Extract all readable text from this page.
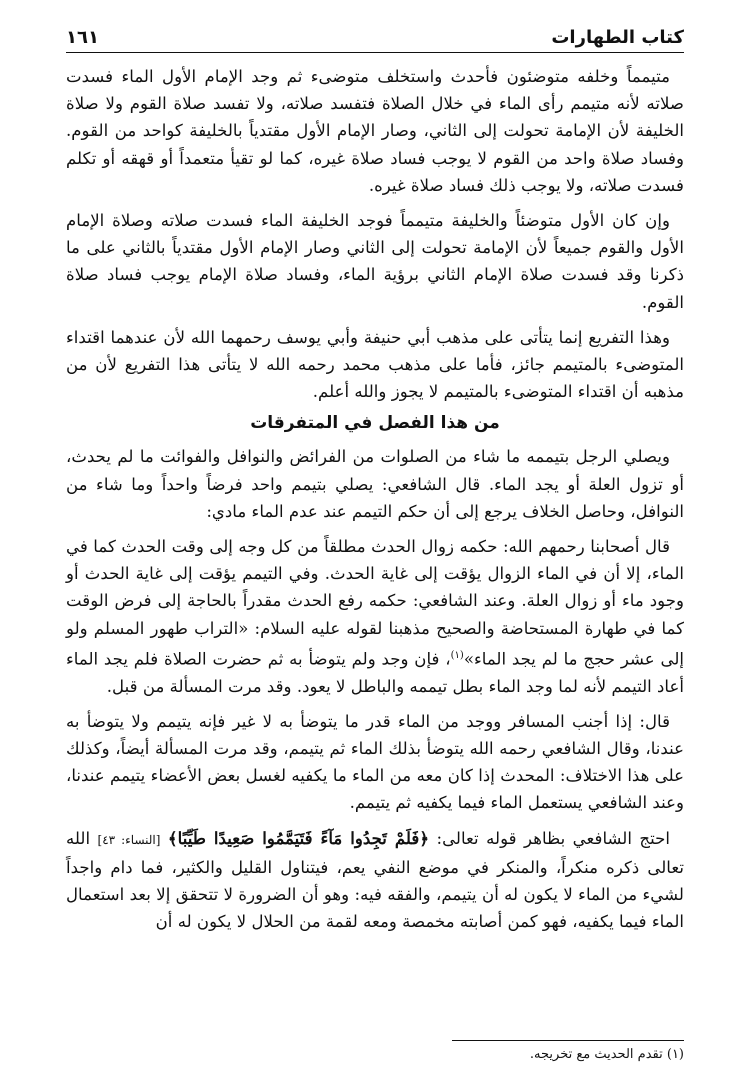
كتاب الطهارات
١٦١

متيمماً وخلفه متوضئون فأحدث واستخلف متوضىء ثم وجد الإمام الأول الماء فسدت صلاته لأنه متيمم رأى الماء في خلال الصلاة فتفسد صلاته، ولا تفسد صلاة القوم ولا صلاة الخليفة لأن الإمامة تحولت إلى الثاني، وصار الإمام الأول مقتدياً بالخليفة كواحد من القوم. وفساد صلاة واحد من القوم لا يوجب فساد صلاة غيره، كما لو تقيأ متعمداً أو قهقه أو تكلم فسدت صلاته، ولا يوجب ذلك فساد صلاة غيره.

وإن كان الأول متوضئاً والخليفة متيمماً فوجد الخليفة الماء فسدت صلاته وصلاة الإمام الأول والقوم جميعاً لأن الإمامة تحولت إلى الثاني وصار الإمام الأول مقتدياً بالثاني على ما ذكرنا وقد فسدت صلاة الإمام الثاني برؤية الماء، وفساد صلاة الإمام يوجب فساد صلاة القوم.

وهذا التفريع إنما يتأتى على مذهب أبي حنيفة وأبي يوسف رحمهما الله لأن عندهما اقتداء المتوضىء بالمتيمم جائز، فأما على مذهب محمد رحمه الله لا يتأتى هذا التفريع لأن من مذهبه أن اقتداء المتوضىء بالمتيمم لا يجوز والله أعلم.

من هذا الفصل في المتفرقات

ويصلي الرجل بتيممه ما شاء من الصلوات من الفرائض والنوافل والفوائت ما لم يحدث، أو تزول العلة أو يجد الماء. قال الشافعي: يصلي بتيمم واحد فرضاً واحداً وما شاء من النوافل، وحاصل الخلاف يرجع إلى أن حكم التيمم عند عدم الماء مادي:

قال أصحابنا رحمهم الله: حكمه زوال الحدث مطلقاً من كل وجه إلى وقت الحدث كما في الماء، إلا أن في الماء الزوال يؤقت إلى غاية الحدث. وفي التيمم يؤقت إلى غاية الحدث أو وجود ماء أو زوال العلة. وعند الشافعي: حكمه رفع الحدث مقدراً بالحاجة إلى فرض الوقت كما في طهارة المستحاضة والصحيح مذهبنا لقوله عليه السلام: «التراب طهور المسلم ولو إلى عشر حجج ما لم يجد الماء»$^{(١)}$، فإن وجد ولم يتوضأ به ثم حضرت الصلاة فلم يجد الماء أعاد التيمم لأنه لما وجد الماء بطل تيممه والباطل لا يعود. وقد مرت المسألة من قبل.

قال: إذا أجنب المسافر ووجد من الماء قدر ما يتوضأ به لا غير فإنه يتيمم ولا يتوضأ به عندنا، وقال الشافعي رحمه الله يتوضأ بذلك الماء ثم يتيمم، وقد مرت المسألة أيضاً، وكذلك على هذا الاختلاف: المحدث إذا كان معه من الماء ما يكفيه لغسل بعض الأعضاء يتيمم عندنا، وعند الشافعي يستعمل الماء فيما يكفيه ثم يتيمم.

احتج الشافعي بظاهر قوله تعالى: ﴿فَلَمْ تَجِدُوا مَآءً فَتَيَمَّمُوا صَعِيدًا طَيِّبًا﴾ [النساء: ٤٣] الله تعالى ذكره منكراً، والمنكر في موضع النفي يعم، فيتناول القليل والكثير، فما دام واجداً لشيء من الماء لا يكون له أن يتيمم، والفقه فيه: وهو أن الضرورة لا تتحقق إلا بعد استعمال الماء فيما يكفيه، فهو كمن أصابته مخمصة ومعه لقمة من الحلال لا يكون له أن

(١) تقدم الحديث مع تخريجه.
